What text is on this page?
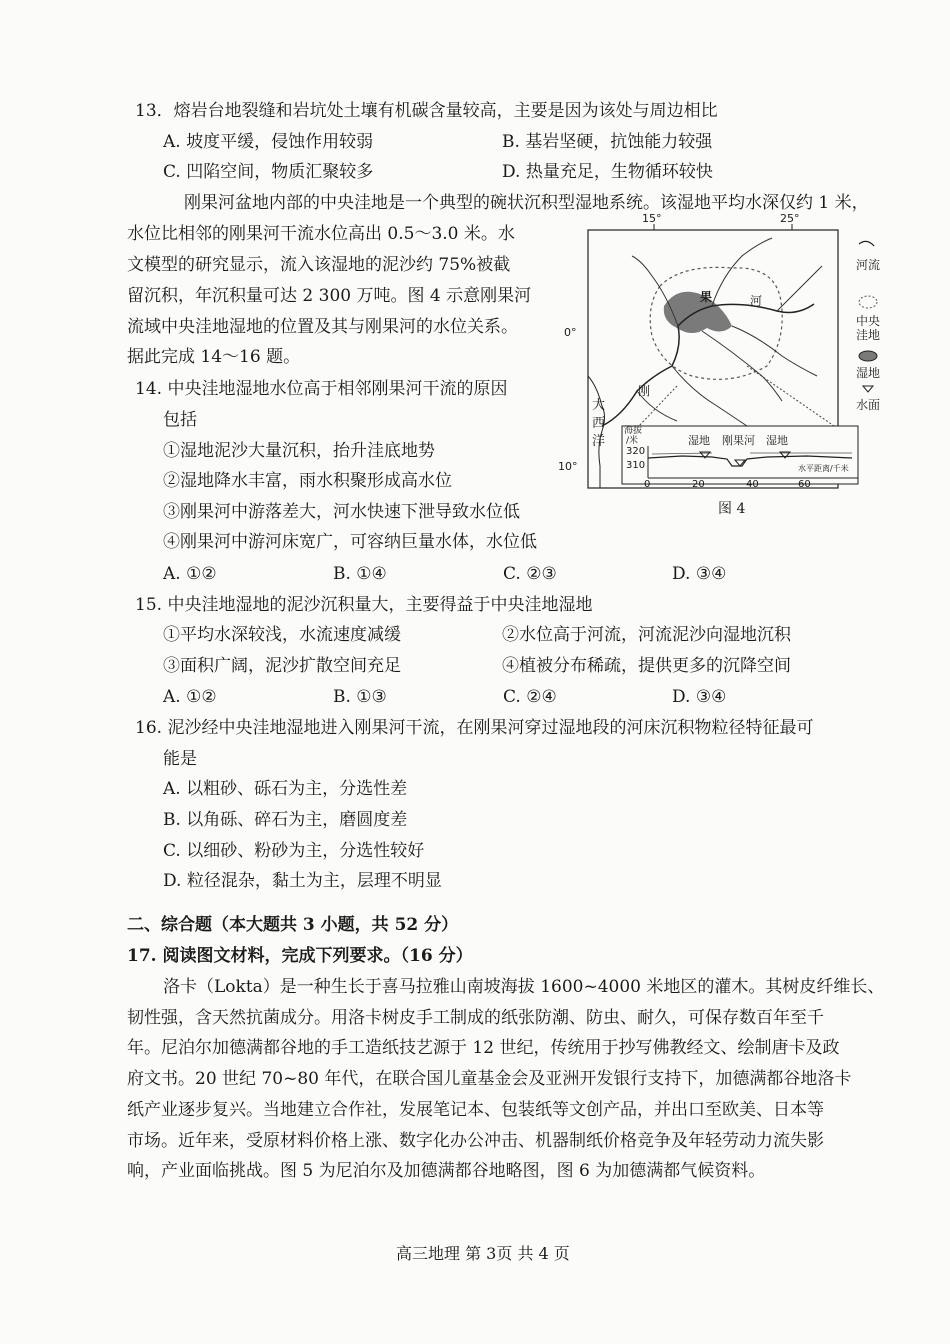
13．熔岩台地裂缝和岩坑处土壤有机碳含量较高，主要是因为该处与周边相比
A. 坡度平缓，侵蚀作用较弱	B. 基岩坚硬，抗蚀能力较强
C. 凹陷空间，物质汇聚较多	D. 热量充足，生物循环较快
刚果河盆地内部的中央洼地是一个典型的碗状沉积型湿地系统。该湿地平均水深仅约 1 米，
水位比相邻的刚果河干流水位高出 0.5～3.0 米。水
文模型的研究显示，流入该湿地的泥沙约 75%被截
留沉积，年沉积量可达 2 300 万吨。图 4 示意刚果河
流域中央洼地湿地的位置及其与刚果河的水位关系。
据此完成 14～16 题。
14. 中央洼地湿地水位高于相邻刚果河干流的原因
包括
①湿地泥沙大量沉积，抬升洼底地势
②湿地降水丰富，雨水积聚形成高水位
③刚果河中游落差大，河水快速下泄导致水位低
④刚果河中游河床宽广，可容纳巨量水体，水位低
A. ①②	B. ①④	C. ②③	D. ③④
15. 中央洼地湿地的泥沙沉积量大，主要得益于中央洼地湿地
①平均水深较浅，水流速度减缓	②水位高于河流，河流泥沙向湿地沉积
③面积广阔，泥沙扩散空间充足	④植被分布稀疏，提供更多的沉降空间
A. ①②	B. ①③	C. ②④	D. ③④
16. 泥沙经中央洼地湿地进入刚果河干流，在刚果河穿过湿地段的河床沉积物粒径特征最可
能是
A. 以粗砂、砾石为主，分选性差
B. 以角砾、碎石为主，磨圆度差
C. 以细砂、粉砂为主，分选性较好
D. 粒径混杂，黏土为主，层理不明显
二、综合题（本大题共 3 小题，共 52 分）
17. 阅读图文材料，完成下列要求。（16 分）
洛卡（Lokta）是一种生长于喜马拉雅山南坡海拔 1600~4000 米地区的灌木。其树皮纤维长、
韧性强，含天然抗菌成分。用洛卡树皮手工制成的纸张防潮、防虫、耐久，可保存数百年至千
年。尼泊尔加德满都谷地的手工造纸技艺源于 12 世纪，传统用于抄写佛教经文、绘制唐卡及政
府文书。20 世纪 70~80 年代，在联合国儿童基金会及亚洲开发银行支持下，加德满都谷地洛卡
纸产业逐步复兴。当地建立合作社，发展笔记本、包装纸等文创产品，并出口至欧美、日本等
市场。近年来，受原材料价格上涨、数字化办公冲击、机器制纸价格竞争及年轻劳动力流失影
响，产业面临挑战。图 5 为尼泊尔及加德满都谷地略图，图 6 为加德满都气候资料。
15°	25°
0°
10°
果	河
刚
大
西
洋
河流
中央
洼地
湿地
水面
海拔
/米
320
310
0	20	40	60
水平距离/千米
湿地 刚果河 湿地
图 4
高三地理 第 3页 共 4 页
